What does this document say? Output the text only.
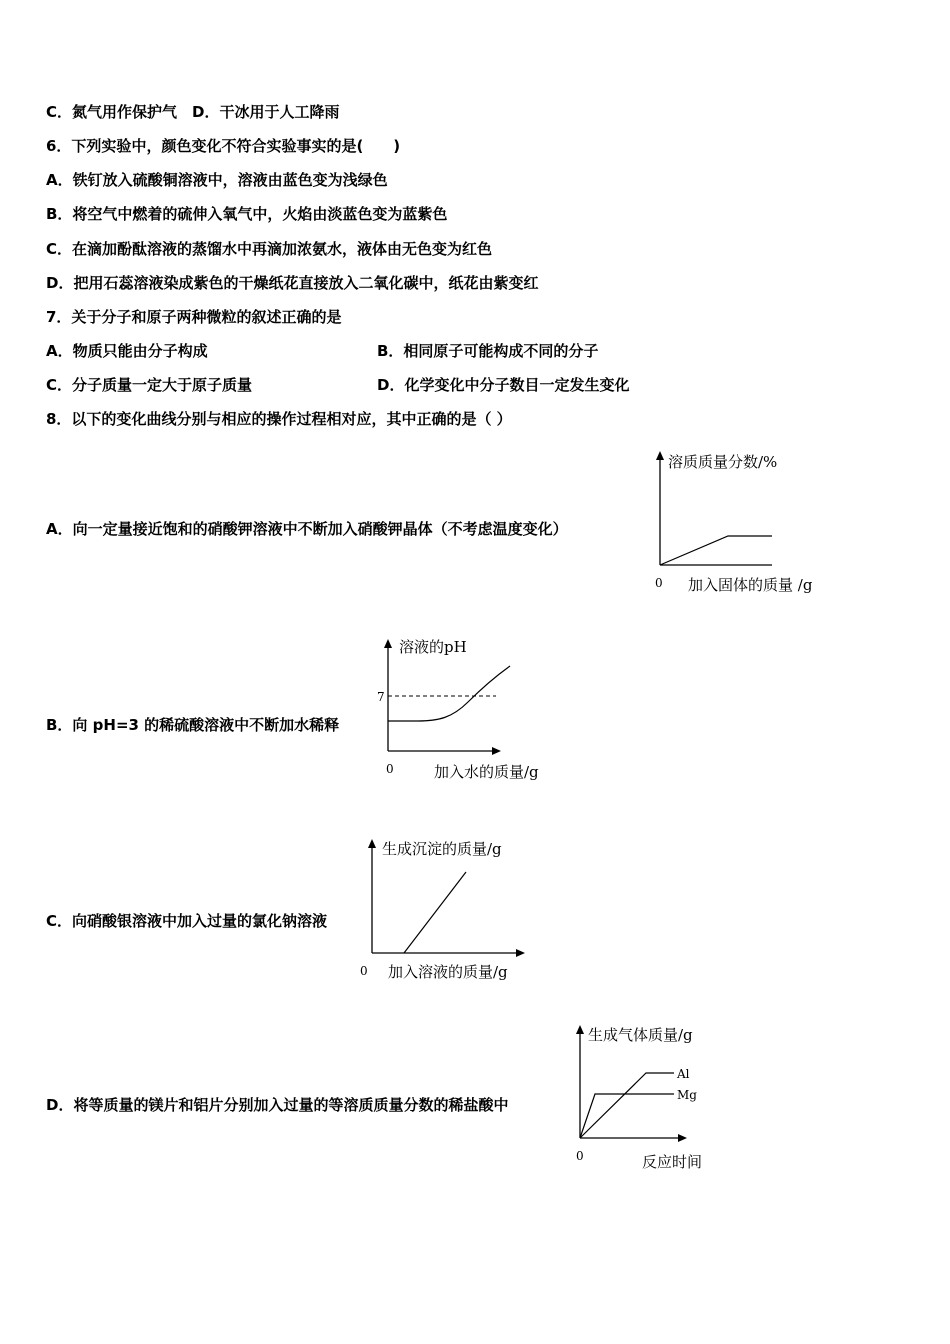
C．氮气用作保护气　D．干冰用于人工降雨
6．下列实验中，颜色变化不符合实验事实的是(　　)
A．铁钉放入硫酸铜溶液中，溶液由蓝色变为浅绿色
B．将空气中燃着的硫伸入氧气中，火焰由淡蓝色变为蓝紫色
C．在滴加酚酞溶液的蒸馏水中再滴加浓氨水，液体由无色变为红色
D．把用石蕊溶液染成紫色的干燥纸花直接放入二氧化碳中，纸花由紫变红
7．关于分子和原子两种微粒的叙述正确的是
A．物质只能由分子构成	B．相同原子可能构成不同的分子
C．分子质量一定大于原子质量	D．化学变化中分子数目一定发生变化
8．以下的变化曲线分别与相应的操作过程相对应，其中正确的是（ ）
A．向一定量接近饱和的硝酸钾溶液中不断加入硝酸钾晶体（不考虑温度变化）
溶质质量分数/%
0 加入固体的质量 /g
B．向 pH=3 的稀硫酸溶液中不断加水稀释
7
溶液的pH
0	加入水的质量/g
C．向硝酸银溶液中加入过量的氯化钠溶液
生成沉淀的质量/g
0 加入溶液的质量/g
D．将等质量的镁片和铝片分别加入过量的等溶质质量分数的稀盐酸中
Al
Mg
生成气体质量/g
0	反应时间
